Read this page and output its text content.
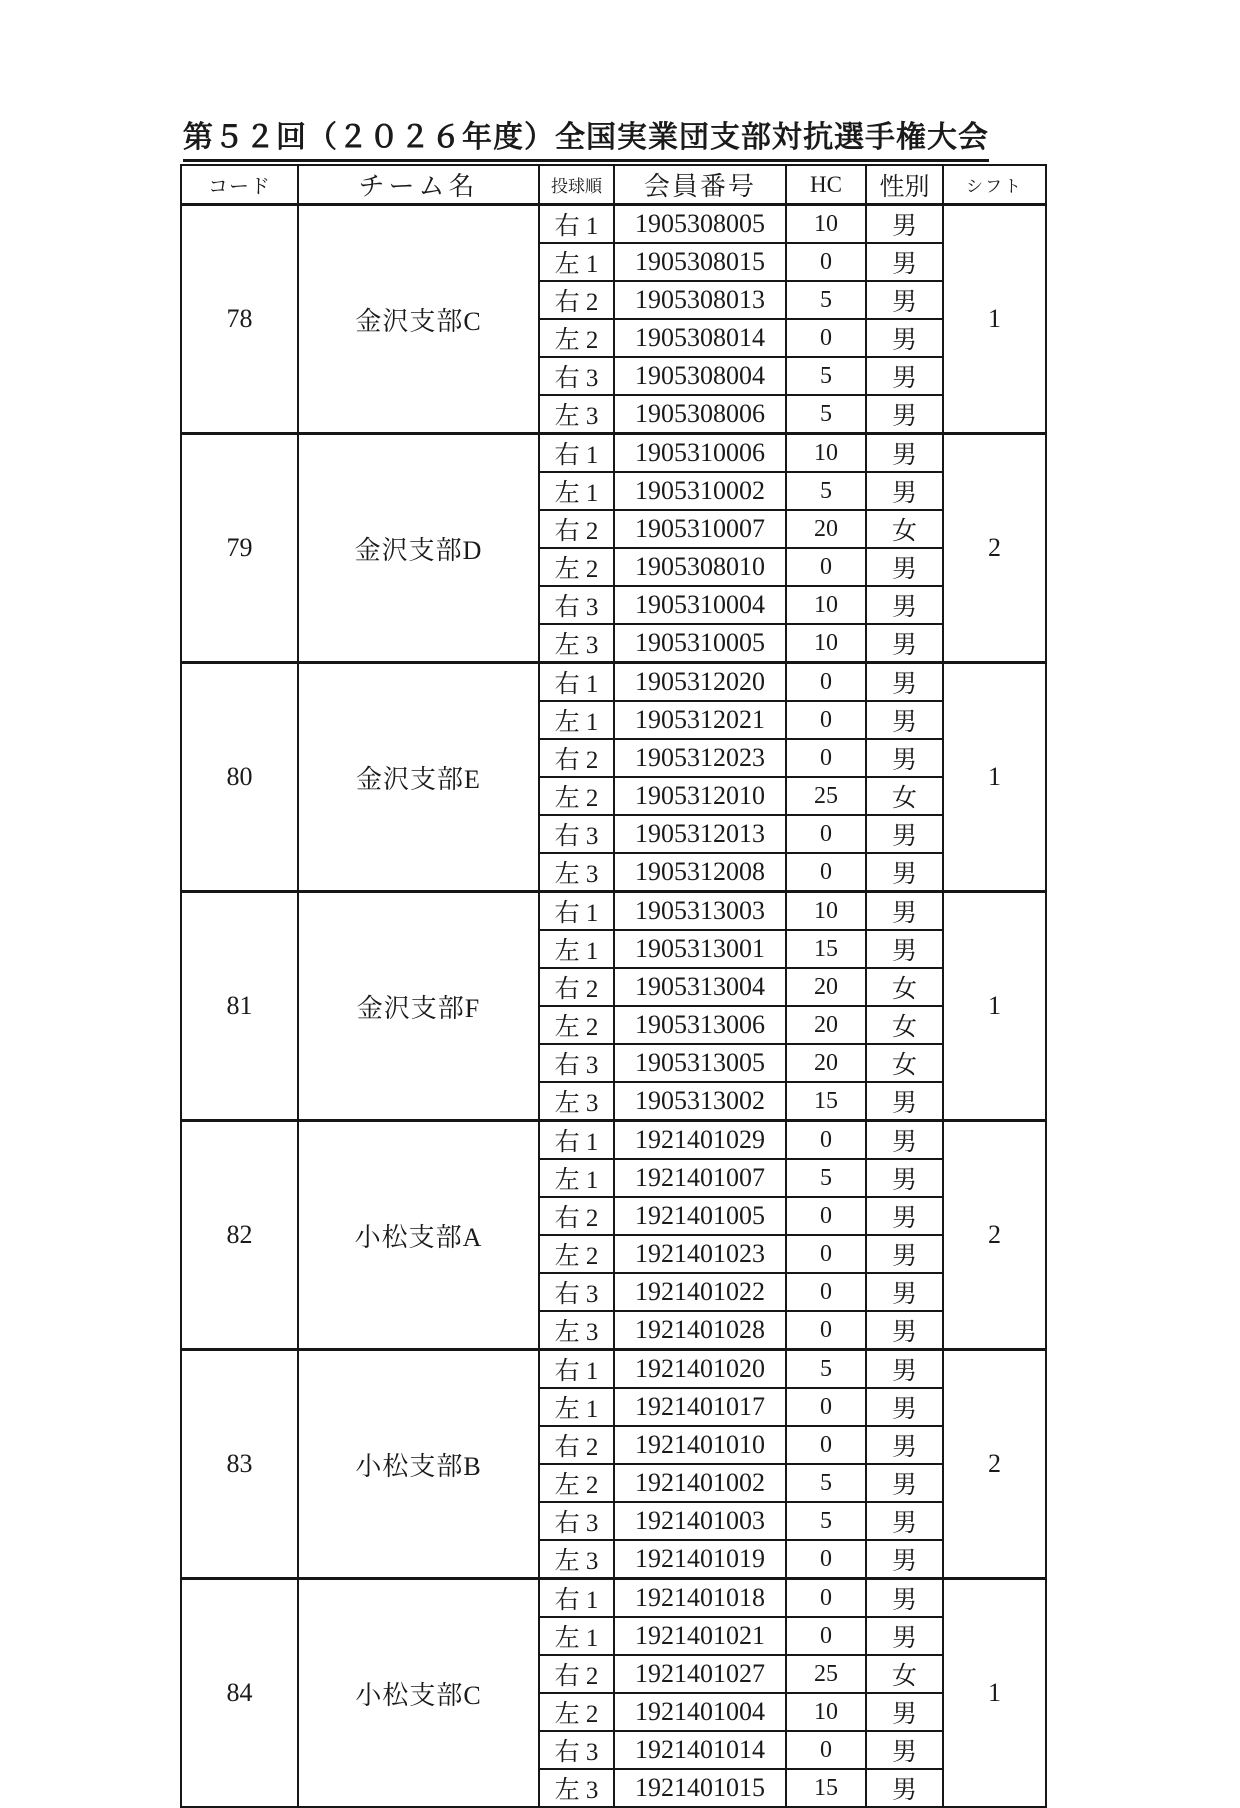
第５２回（２０２６年度）全国実業団支部対抗選手権大会
コード	チーム名	投球順	会員番号	HC	性別	シフト
78	金沢支部C	右 1	1905308005	10	男	1
		左 1	1905308015	0	男	
		右 2	1905308013	5	男	
		左 2	1905308014	0	男	
		右 3	1905308004	5	男	
		左 3	1905308006	5	男	
79	金沢支部D	右 1	1905310006	10	男	2
		左 1	1905310002	5	男	
		右 2	1905310007	20	女	
		左 2	1905308010	0	男	
		右 3	1905310004	10	男	
		左 3	1905310005	10	男	
80	金沢支部E	右 1	1905312020	0	男	1
		左 1	1905312021	0	男	
		右 2	1905312023	0	男	
		左 2	1905312010	25	女	
		右 3	1905312013	0	男	
		左 3	1905312008	0	男	
81	金沢支部F	右 1	1905313003	10	男	1
		左 1	1905313001	15	男	
		右 2	1905313004	20	女	
		左 2	1905313006	20	女	
		右 3	1905313005	20	女	
		左 3	1905313002	15	男	
82	小松支部A	右 1	1921401029	0	男	2
		左 1	1921401007	5	男	
		右 2	1921401005	0	男	
		左 2	1921401023	0	男	
		右 3	1921401022	0	男	
		左 3	1921401028	0	男	
83	小松支部B	右 1	1921401020	5	男	2
		左 1	1921401017	0	男	
		右 2	1921401010	0	男	
		左 2	1921401002	5	男	
		右 3	1921401003	5	男	
		左 3	1921401019	0	男	
84	小松支部C	右 1	1921401018	0	男	1
		左 1	1921401021	0	男	
		右 2	1921401027	25	女	
		左 2	1921401004	10	男	
		右 3	1921401014	0	男	
		左 3	1921401015	15	男	
